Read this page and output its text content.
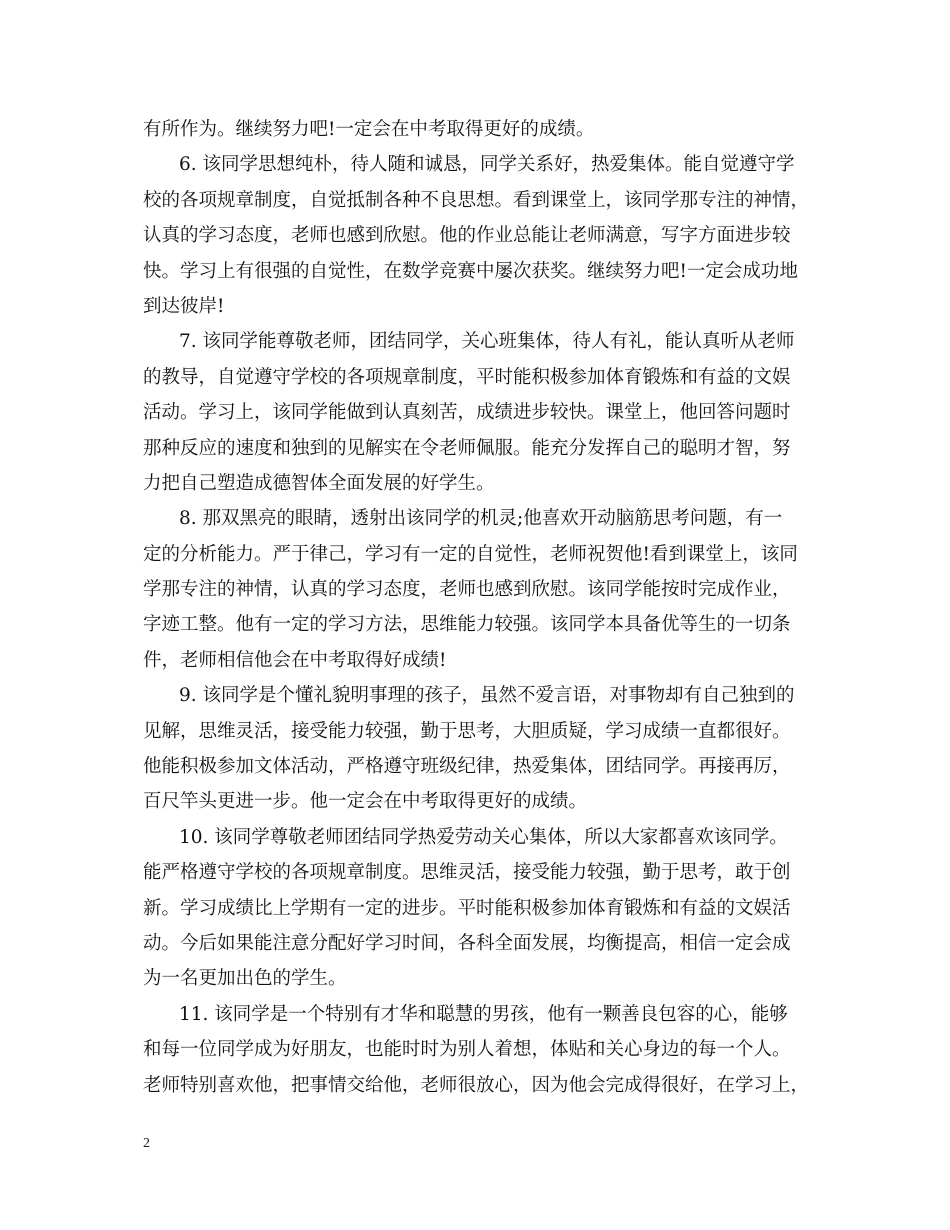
有所作为。继续努力吧!一定会在中考取得更好的成绩。
6. 该同学思想纯朴，待人随和诚恳，同学关系好，热爱集体。能自觉遵守学
校的各项规章制度，自觉抵制各种不良思想。看到课堂上，该同学那专注的神情，
认真的学习态度，老师也感到欣慰。他的作业总能让老师满意，写字方面进步较
快。学习上有很强的自觉性，在数学竞赛中屡次获奖。继续努力吧!一定会成功地
到达彼岸!
7. 该同学能尊敬老师，团结同学，关心班集体，待人有礼，能认真听从老师
的教导，自觉遵守学校的各项规章制度，平时能积极参加体育锻炼和有益的文娱
活动。学习上，该同学能做到认真刻苦，成绩进步较快。课堂上，他回答问题时
那种反应的速度和独到的见解实在令老师佩服。能充分发挥自己的聪明才智，努
力把自己塑造成德智体全面发展的好学生。
8. 那双黑亮的眼睛，透射出该同学的机灵;他喜欢开动脑筋思考问题，有一
定的分析能力。严于律己，学习有一定的自觉性，老师祝贺他!看到课堂上，该同
学那专注的神情，认真的学习态度，老师也感到欣慰。该同学能按时完成作业，
字迹工整。他有一定的学习方法，思维能力较强。该同学本具备优等生的一切条
件，老师相信他会在中考取得好成绩!
9. 该同学是个懂礼貌明事理的孩子，虽然不爱言语，对事物却有自己独到的
见解，思维灵活，接受能力较强，勤于思考，大胆质疑，学习成绩一直都很好。
他能积极参加文体活动，严格遵守班级纪律，热爱集体，团结同学。再接再厉，
百尺竿头更进一步。他一定会在中考取得更好的成绩。
10. 该同学尊敬老师团结同学热爱劳动关心集体，所以大家都喜欢该同学。
能严格遵守学校的各项规章制度。思维灵活，接受能力较强，勤于思考，敢于创
新。学习成绩比上学期有一定的进步。平时能积极参加体育锻炼和有益的文娱活
动。今后如果能注意分配好学习时间，各科全面发展，均衡提高，相信一定会成
为一名更加出色的学生。
11. 该同学是一个特别有才华和聪慧的男孩，他有一颗善良包容的心，能够
和每一位同学成为好朋友，也能时时为别人着想，体贴和关心身边的每一个人。
老师特别喜欢他，把事情交给他，老师很放心，因为他会完成得很好，在学习上，
2
